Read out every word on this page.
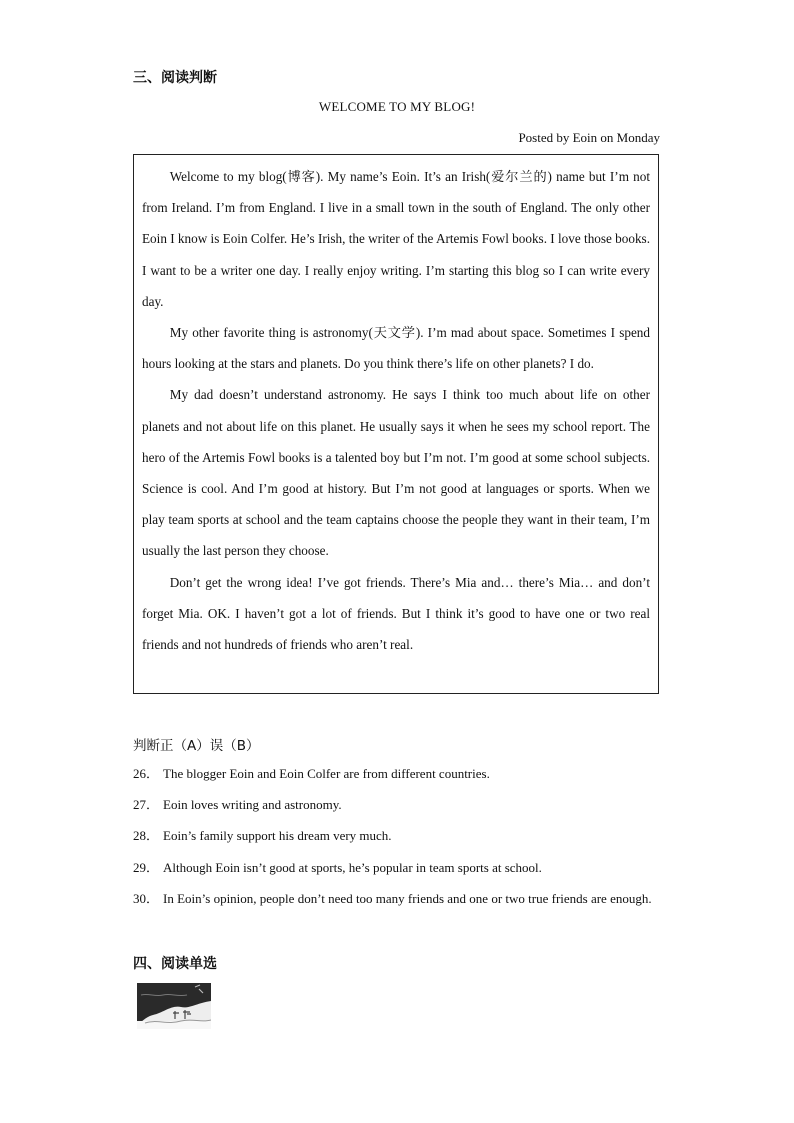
三、阅读判断
WELCOME TO MY BLOG!
Posted by Eoin on Monday

Welcome to my blog(博客). My name’s Eoin. It’s an Irish(爱尔兰的) name but I’m not from Ireland. I’m from England. I live in a small town in the south of England. The only other Eoin I know is Eoin Colfer. He’s Irish, the writer of the Artemis Fowl books. I love those books. I want to be a writer one day. I really enjoy writing. I’m starting this blog so I can write every day.

My other favorite thing is astronomy(天文学). I’m mad about space. Sometimes I spend hours looking at the stars and planets. Do you think there’s life on other planets? I do.

My dad doesn’t understand astronomy. He says I think too much about life on other planets and not about life on this planet. He usually says it when he sees my school report. The hero of the Artemis Fowl books is a talented boy but I’m not. I’m good at some school subjects. Science is cool. And I’m good at history. But I’m not good at languages or sports. When we play team sports at school and the team captains choose the people they want in their team, I’m usually the last person they choose.

Don’t get the wrong idea! I’ve got friends. There’s Mia and… there’s Mia… and don’t forget Mia. OK. I haven’t got a lot of friends. But I think it’s good to have one or two real friends and not hundreds of friends who aren’t real.

判断正（A）误（B）

26． The blogger Eoin and Eoin Colfer are from different countries.

27． Eoin loves writing and astronomy.

28． Eoin’s family support his dream very much.

29． Although Eoin isn’t good at sports, he’s popular in team sports at school.

30． In Eoin’s opinion, people don’t need too many friends and one or two true friends are enough.

四、阅读单选
